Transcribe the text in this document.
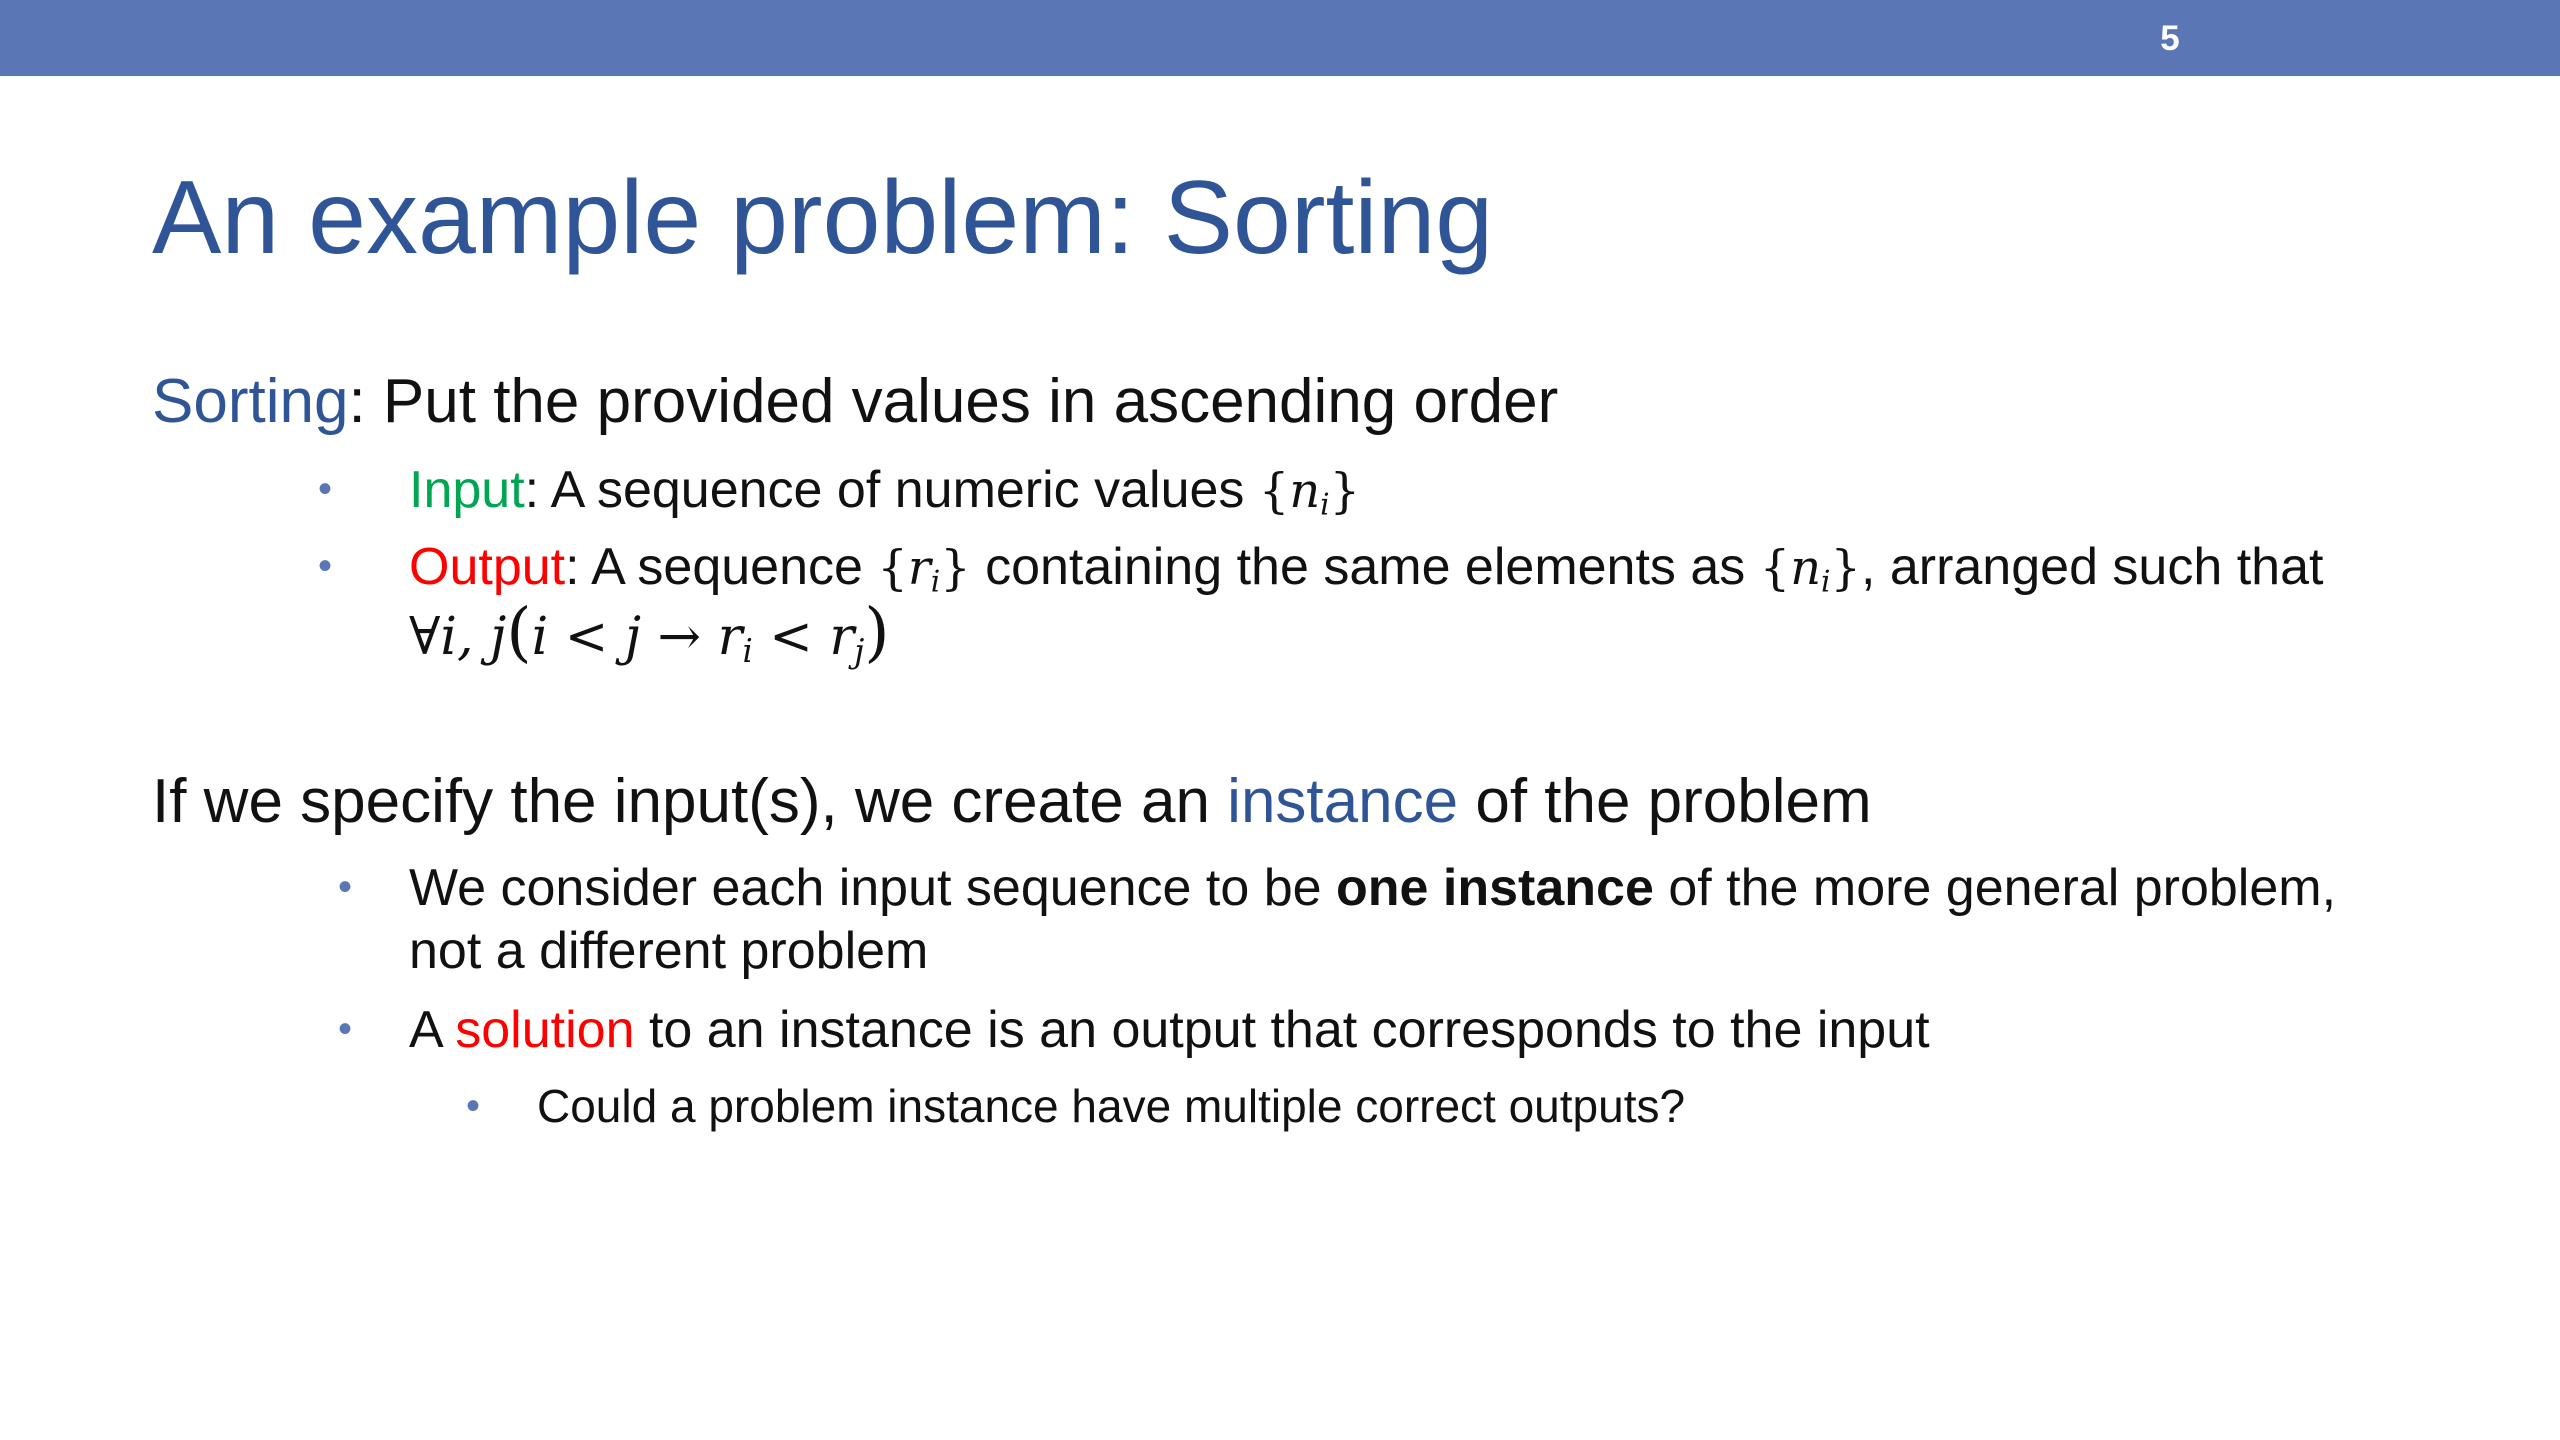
5
An example problem: Sorting
Sorting: Put the provided values in ascending order
• Input: A sequence of numeric values $\{n_i\}$
• Output: A sequence $\{r_i\}$ containing the same elements as $\{n_i\}$, arranged such that
∀i, $j(i < j \to r_i < r_j)$
If we specify the input(s), we create an instance of the problem
• We consider each input sequence to be one instance of the more general problem,
not a different problem
• A solution to an instance is an output that corresponds to the input
• Could a problem instance have multiple correct outputs?
